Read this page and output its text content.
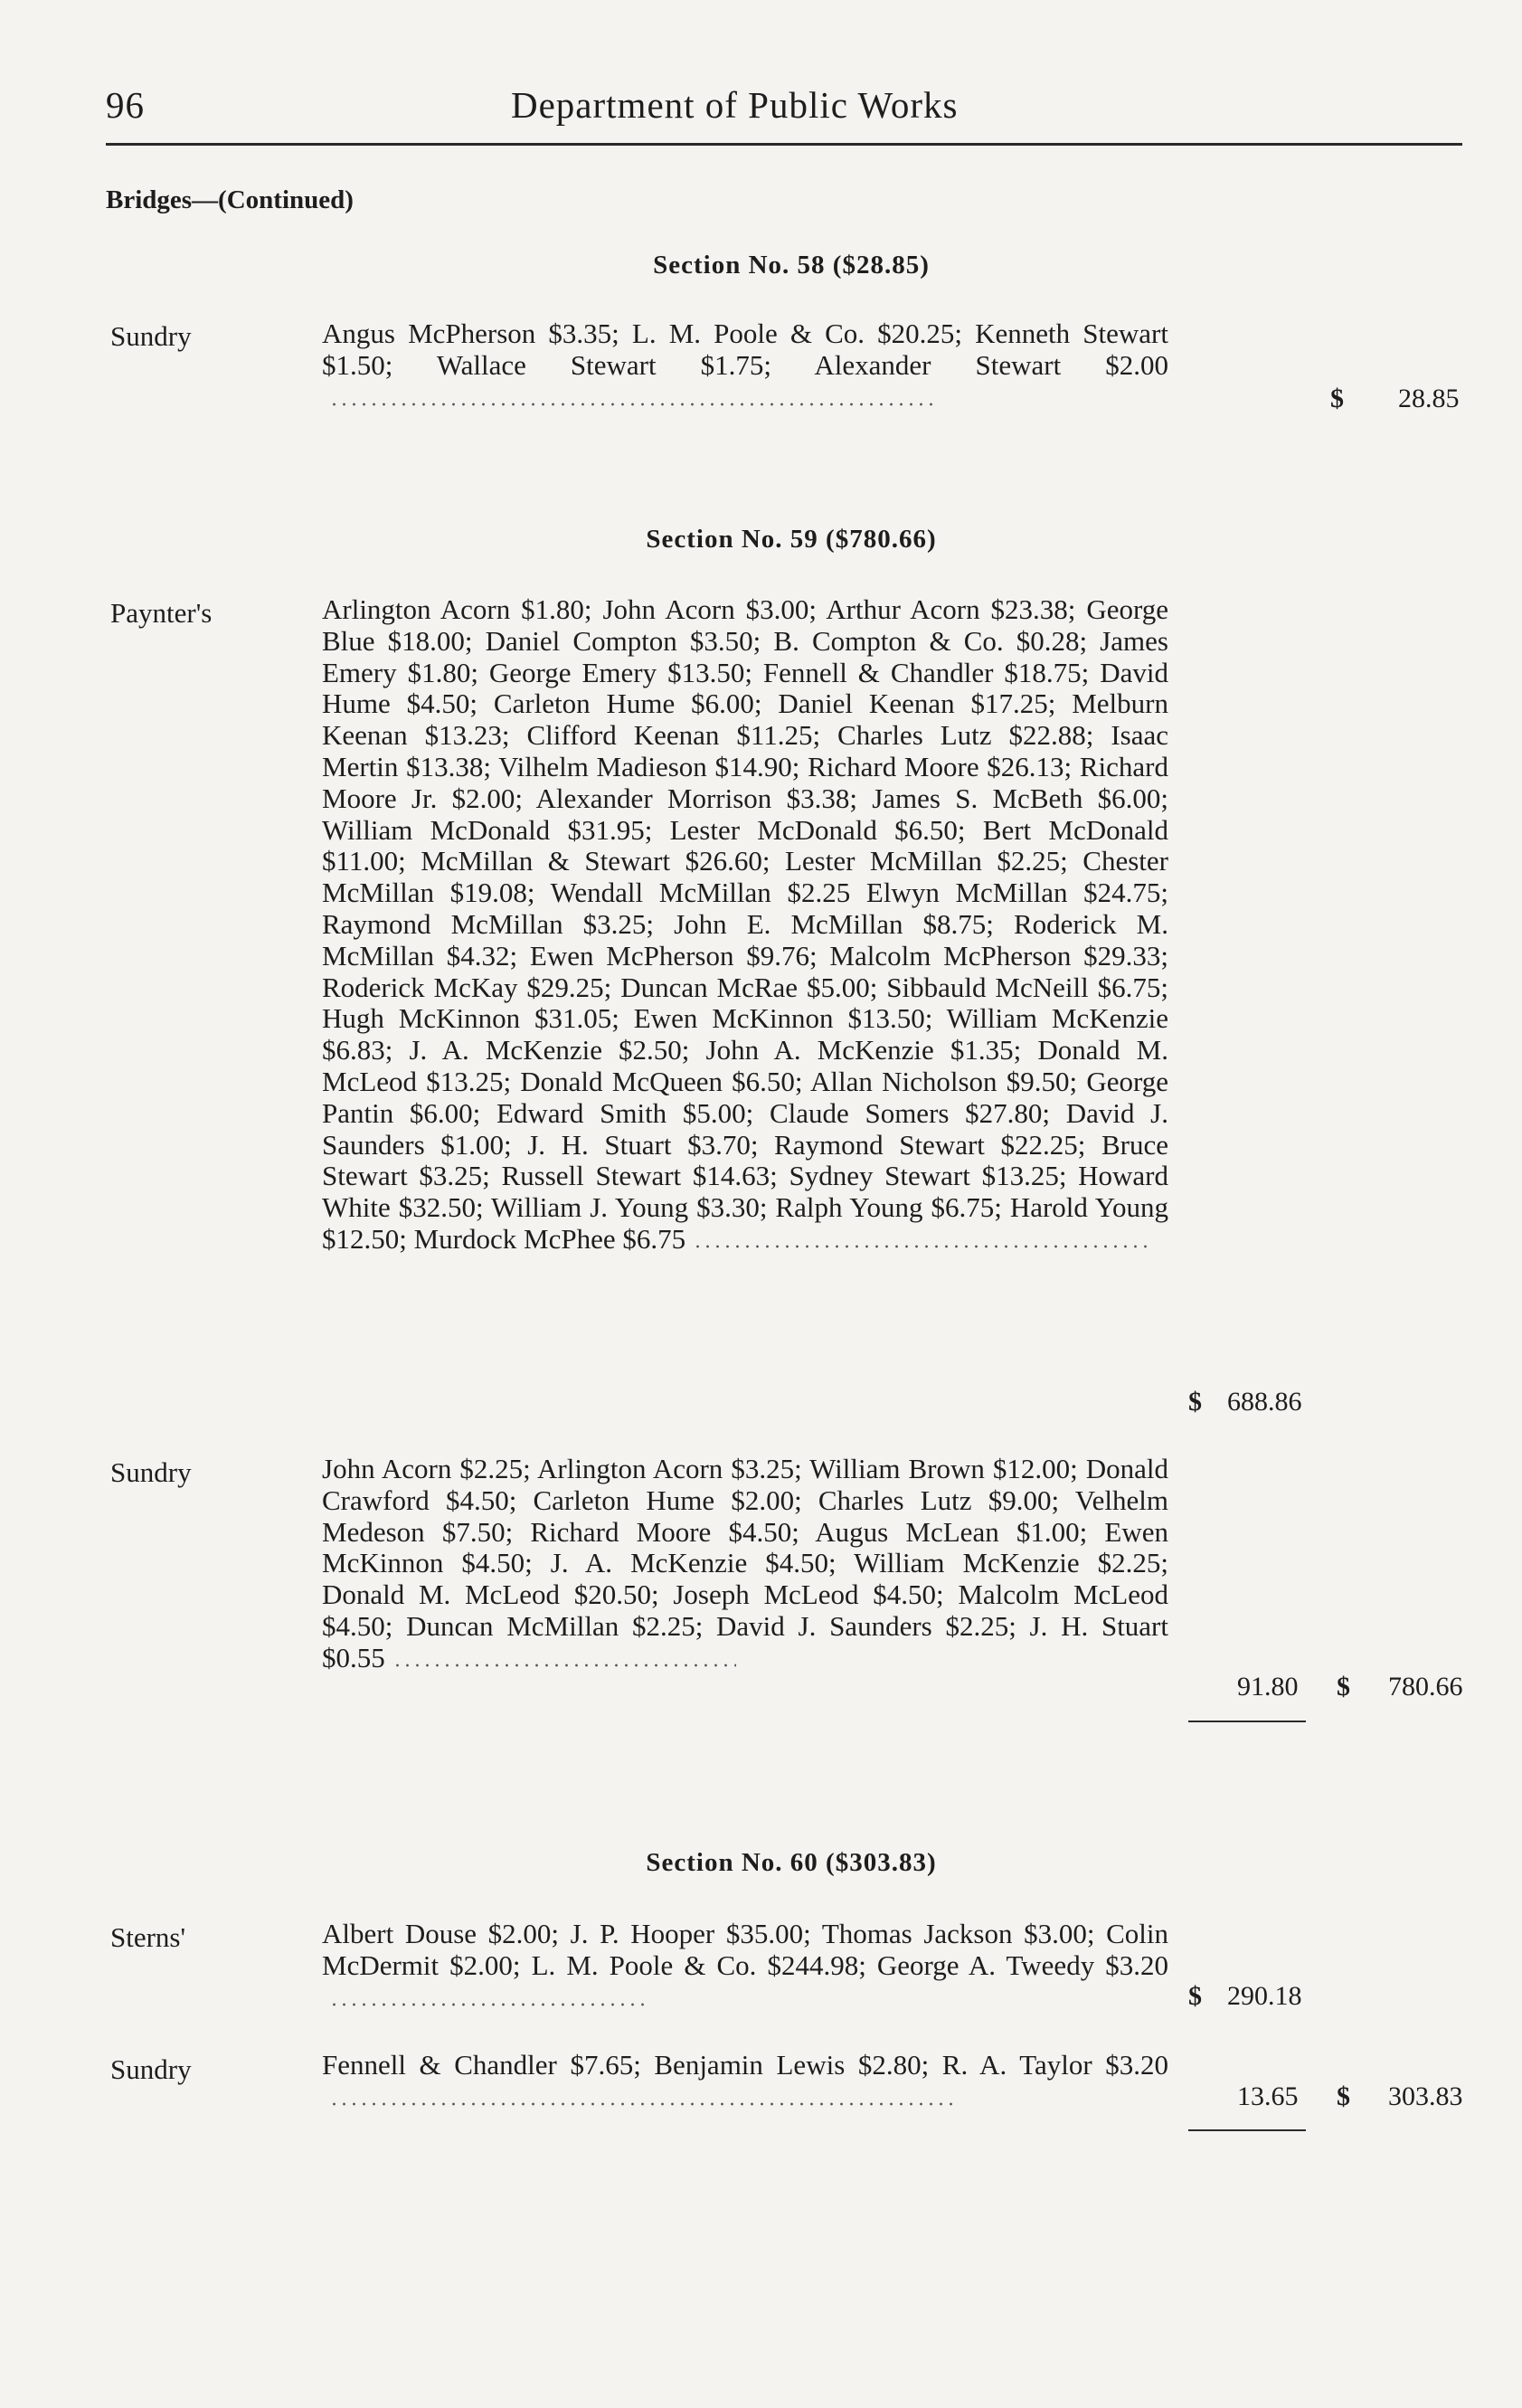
96	Department of Public Works
Bridges—(Continued)
Section No. 58 ($28.85)
Sundry	Angus McPherson $3.35; L. M. Poole & Co. $20.25; Kenneth Stewart $1.50; Wallace Stewart $1.75; Alexander Stewart $2.00
$ 28.85
Section No. 59 ($780.66)
Paynter's	Arlington Acorn $1.80; John Acorn $3.00; Arthur Acorn $23.38; George Blue $18.00; Daniel Compton $3.50; B. Compton & Co. $0.28; James Emery $1.80; George Emery $13.50; Fennell & Chandler $18.75; David Hume $4.50; Carleton Hume $6.00; Daniel Keenan $17.25; Melburn Keenan $13.23; Clifford Keenan $11.25; Charles Lutz $22.88; Isaac Mertin $13.38; Vilhelm Madieson $14.90; Richard Moore $26.13; Richard Moore Jr. $2.00; Alexander Morrison $3.38; James S. McBeth $6.00; William McDonald $31.95; Lester McDonald $6.50; Bert McDonald $11.00; McMillan & Stewart $26.60; Lester McMillan $2.25; Chester McMillan $19.08; Wendall McMillan $2.25 Elwyn McMillan $24.75; Raymond McMillan $3.25; John E. McMillan $8.75; Roderick M. McMillan $4.32; Ewen McPherson $9.76; Malcolm McPherson $29.33; Roderick McKay $29.25; Duncan McRae $5.00; Sibbauld McNeill $6.75; Hugh McKinnon $31.05; Ewen McKinnon $13.50; William McKenzie $6.83; J. A. McKenzie $2.50; John A. McKenzie $1.35; Donald M. McLeod $13.25; Donald McQueen $6.50; Allan Nicholson $9.50; George Pantin $6.00; Edward Smith $5.00; Claude Somers $27.80; David J. Saunders $1.00; J. H. Stuart $3.70; Raymond Stewart $22.25; Bruce Stewart $3.25; Russell Stewart $14.63; Sydney Stewart $13.25; Howard White $32.50; William J. Young $3.30; Ralph Young $6.75; Harold Young $12.50; Murdock McPhee $6.75
$ 688.86
Sundry	John Acorn $2.25; Arlington Acorn $3.25; William Brown $12.00; Donald Crawford $4.50; Carleton Hume $2.00; Charles Lutz $9.00; Velhelm Medeson $7.50; Richard Moore $4.50; Augus McLean $1.00; Ewen McKinnon $4.50; J. A. McKenzie $4.50; William McKenzie $2.25; Donald M. McLeod $20.50; Joseph McLeod $4.50; Malcolm McLeod $4.50; Duncan McMillan $2.25; David J. Saunders $2.25; J. H. Stuart $0.55
91.80 $ 780.66
Section No. 60 ($303.83)
Sterns'	Albert Douse $2.00; J. P. Hooper $35.00; Thomas Jackson $3.00; Colin McDermit $2.00; L. M. Poole & Co. $244.98; George A. Tweedy $3.20
$ 290.18
Sundry	Fennell & Chandler $7.65; Benjamin Lewis $2.80; R. A. Taylor $3.20
13.65 $ 303.83
